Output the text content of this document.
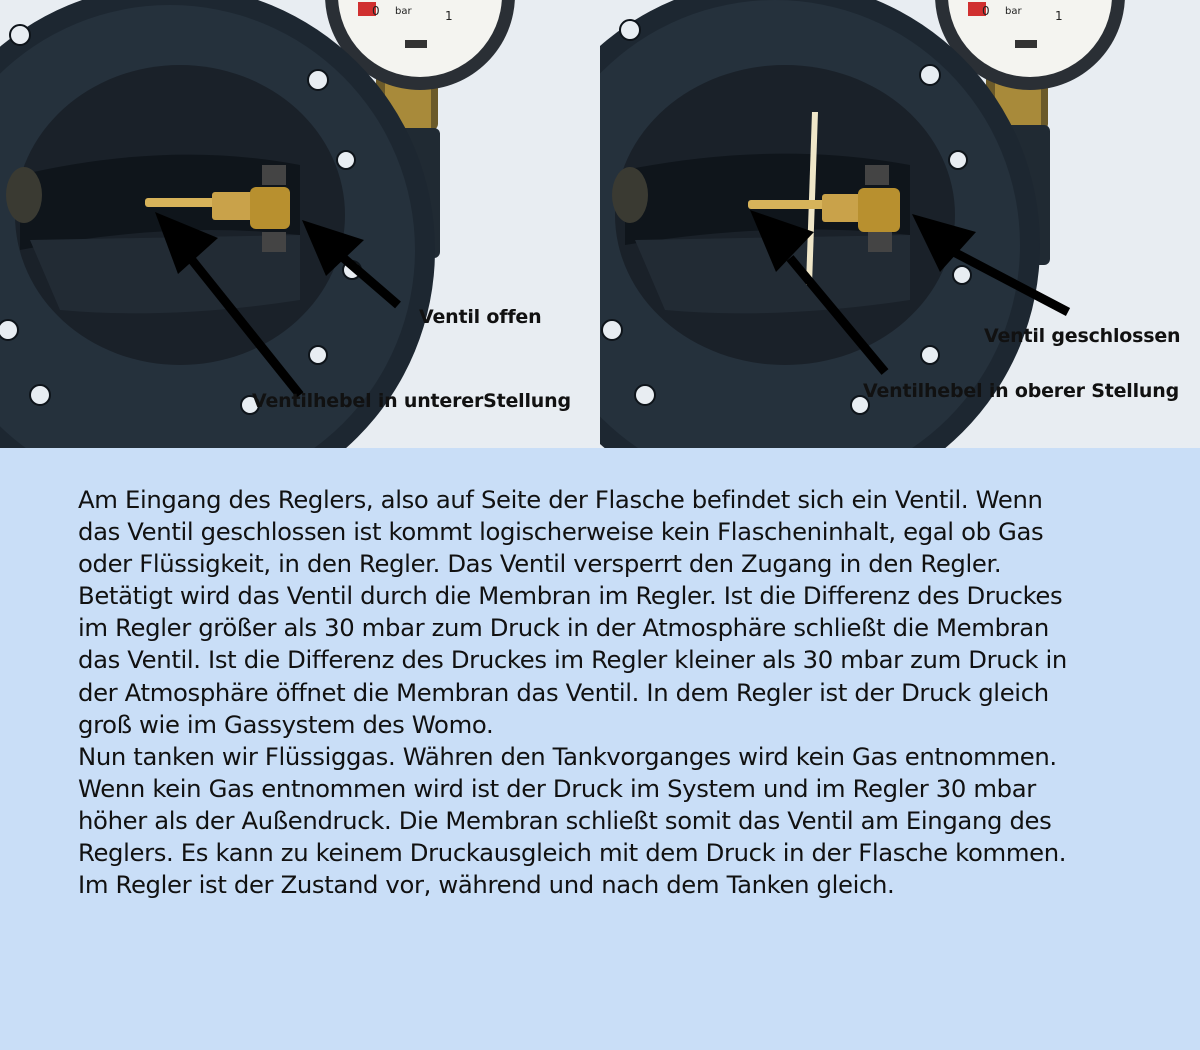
bar
0	1
Ventil offen
Ventilhebel in untererStellung
bar
0	1
Ventil geschlossen
Ventilhebel in oberer Stellung
Am Eingang des Reglers, also auf Seite der Flasche befindet sich ein Ventil. Wenn
das Ventil geschlossen ist kommt logischerweise kein Flascheninhalt, egal ob Gas
oder Flüssigkeit, in den Regler. Das Ventil versperrt den Zugang in den Regler.
Betätigt wird das Ventil durch die Membran im Regler. Ist die Differenz des Druckes
im Regler größer als 30 mbar zum Druck in der Atmosphäre schließt die Membran
das Ventil. Ist die Differenz des Druckes im Regler kleiner als 30 mbar zum Druck in
der Atmosphäre öffnet die Membran das Ventil. In dem Regler ist der Druck gleich
groß wie im Gassystem des Womo.
Nun tanken wir Flüssiggas. Währen den Tankvorganges wird kein Gas entnommen.
Wenn kein Gas entnommen wird ist der Druck im System und im Regler 30 mbar
höher als der Außendruck. Die Membran schließt somit das Ventil am Eingang des
Reglers. Es kann zu keinem Druckausgleich mit dem Druck in der Flasche kommen.
Im Regler ist der Zustand vor, während und nach dem Tanken gleich.
